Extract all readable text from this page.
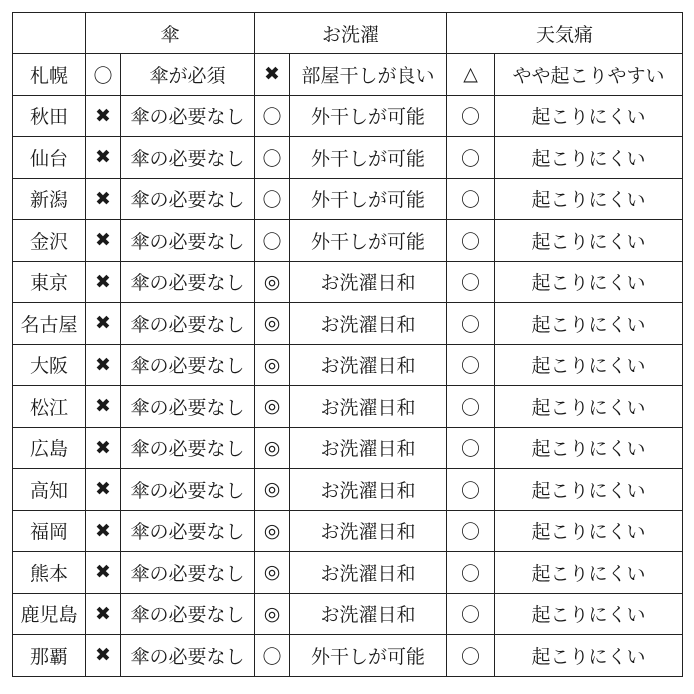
	傘		お洗濯		天気痛	
札幌	〇	傘が必須	✖	部屋干しが良い	△	やや起こりやすい
秋田	✖	傘の必要なし	〇	外干しが可能	〇	起こりにくい
仙台	✖	傘の必要なし	〇	外干しが可能	〇	起こりにくい
新潟	✖	傘の必要なし	〇	外干しが可能	〇	起こりにくい
金沢	✖	傘の必要なし	〇	外干しが可能	〇	起こりにくい
東京	✖	傘の必要なし	◎	お洗濯日和	〇	起こりにくい
名古屋	✖	傘の必要なし	◎	お洗濯日和	〇	起こりにくい
大阪	✖	傘の必要なし	◎	お洗濯日和	〇	起こりにくい
松江	✖	傘の必要なし	◎	お洗濯日和	〇	起こりにくい
広島	✖	傘の必要なし	◎	お洗濯日和	〇	起こりにくい
高知	✖	傘の必要なし	◎	お洗濯日和	〇	起こりにくい
福岡	✖	傘の必要なし	◎	お洗濯日和	〇	起こりにくい
熊本	✖	傘の必要なし	◎	お洗濯日和	〇	起こりにくい
鹿児島	✖	傘の必要なし	◎	お洗濯日和	〇	起こりにくい
那覇	✖	傘の必要なし	〇	外干しが可能	〇	起こりにくい
